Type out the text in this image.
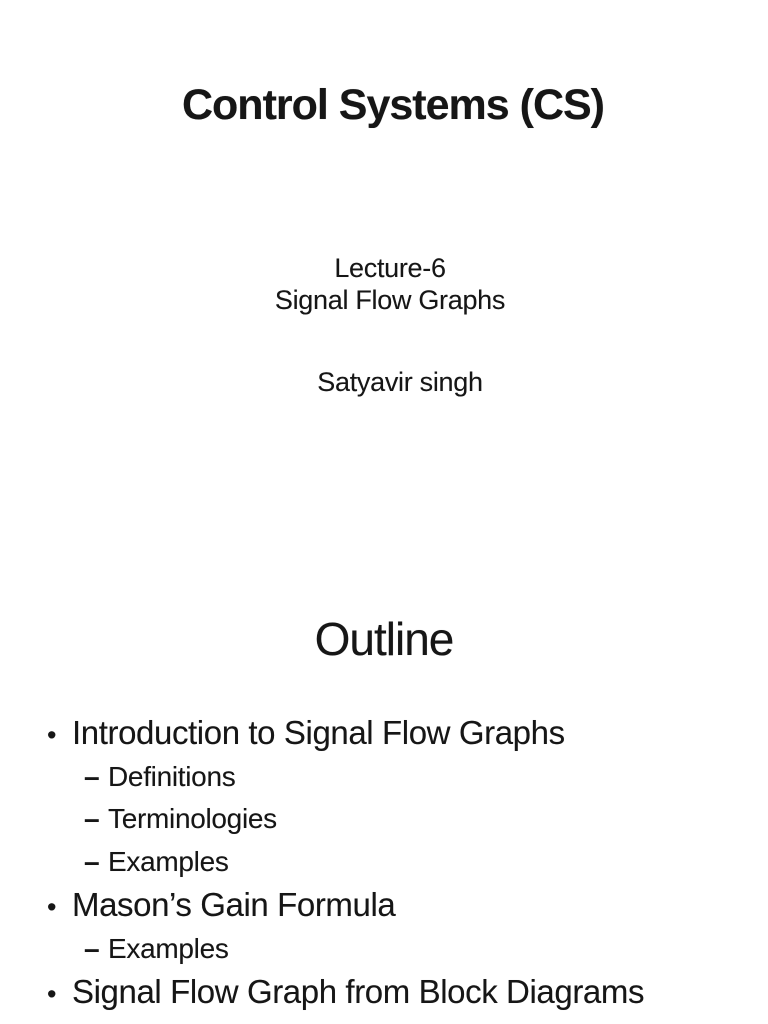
Control Systems (CS)
Lecture-6
Signal Flow Graphs
Satyavir singh
Outline
• Introduction to Signal Flow Graphs
– Definitions
– Terminologies
– Examples
• Mason’s Gain Formula
– Examples
• Signal Flow Graph from Block Diagrams
